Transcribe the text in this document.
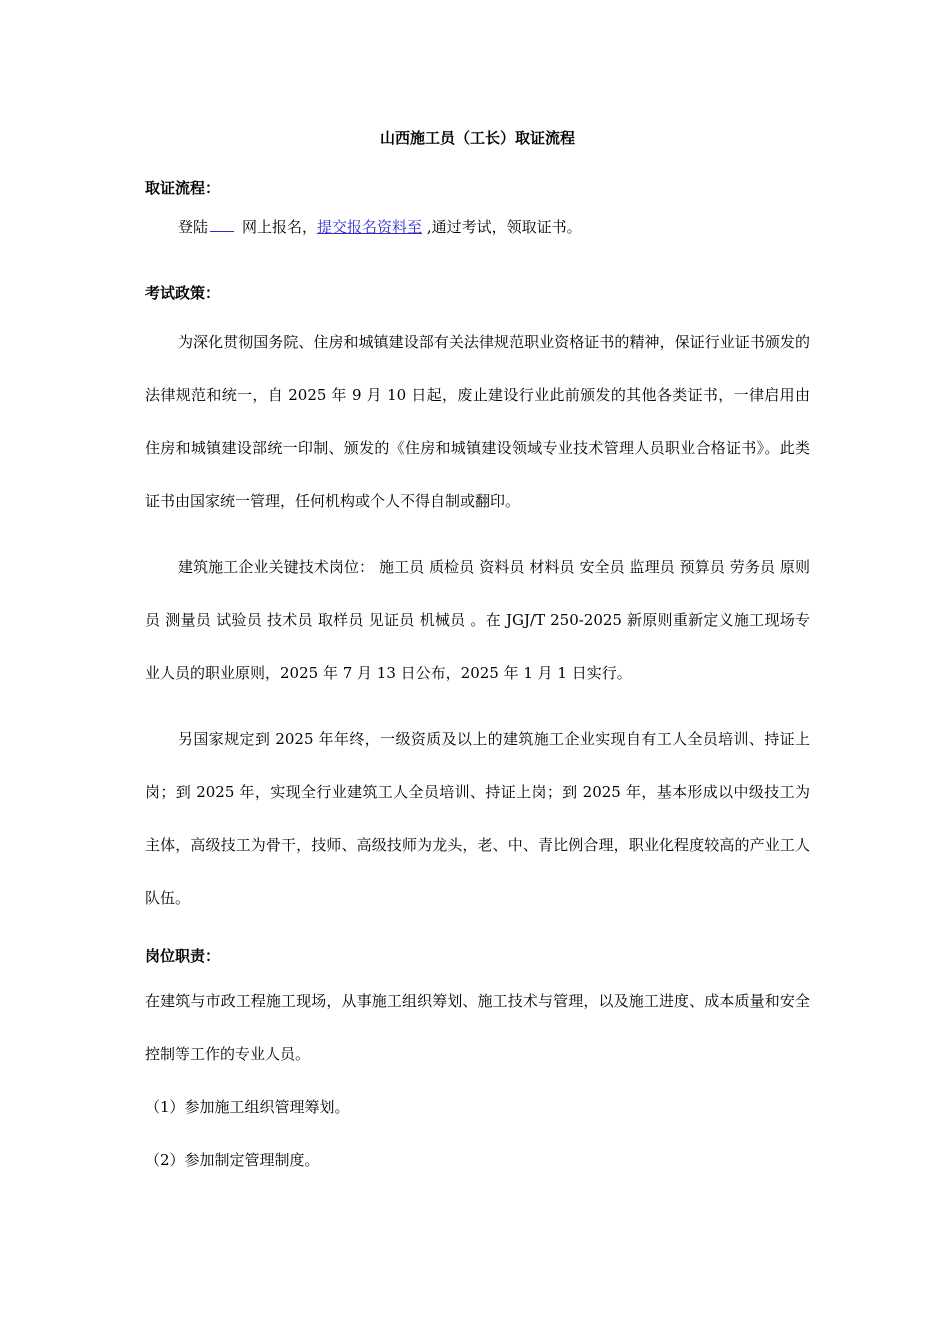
山西施工员（工长）取证流程

取证流程：

登陆 网上报名，提交报名资料至 ,通过考试，领取证书。

考试政策：

为深化贯彻国务院、住房和城镇建设部有关法律规范职业资格证书的精神，保证行业证书颁发的法律规范和统一，自 2025 年 9 月 10 日起，废止建设行业此前颁发的其他各类证书，一律启用由住房和城镇建设部统一印制、颁发的《住房和城镇建设领域专业技术管理人员职业合格证书》。此类证书由国家统一管理，任何机构或个人不得自制或翻印。

建筑施工企业关键技术岗位： 施工员 质检员 资料员 材料员 安全员 监理员 预算员 劳务员 原则员 测量员 试验员 技术员 取样员 见证员 机械员 。在 JGJ/T 250-2025 新原则重新定义施工现场专业人员的职业原则，2025 年 7 月 13 日公布，2025 年 1 月 1 日实行。

另国家规定到 2025 年年终，一级资质及以上的建筑施工企业实现自有工人全员培训、持证上岗；到 2025 年，实现全行业建筑工人全员培训、持证上岗；到 2025 年，基本形成以中级技工为主体，高级技工为骨干，技师、高级技师为龙头，老、中、青比例合理，职业化程度较高的产业工人队伍。

岗位职责：

在建筑与市政工程施工现场，从事施工组织筹划、施工技术与管理，以及施工进度、成本质量和安全控制等工作的专业人员。

（1）参加施工组织管理筹划。

（2）参加制定管理制度。
